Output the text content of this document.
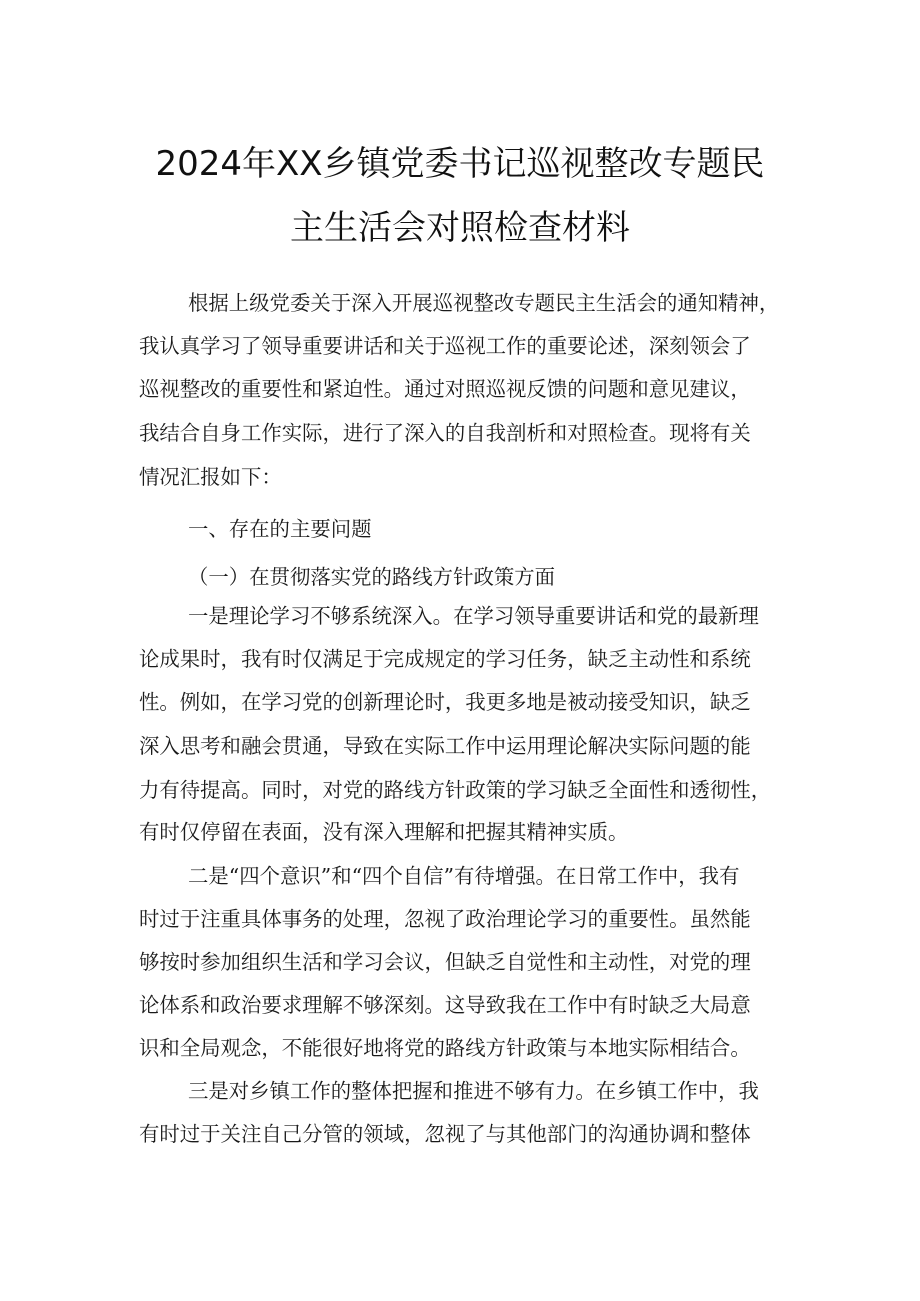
2024年XX乡镇党委书记巡视整改专题民
主生活会对照检查材料
根据上级党委关于深入开展巡视整改专题民主生活会的通知精神，
我认真学习了领导重要讲话和关于巡视工作的重要论述，深刻领会了
巡视整改的重要性和紧迫性。通过对照巡视反馈的问题和意见建议，
我结合自身工作实际，进行了深入的自我剖析和对照检查。现将有关
情况汇报如下：
一、存在的主要问题
（一）在贯彻落实党的路线方针政策方面
一是理论学习不够系统深入。在学习领导重要讲话和党的最新理
论成果时，我有时仅满足于完成规定的学习任务，缺乏主动性和系统
性。例如，在学习党的创新理论时，我更多地是被动接受知识，缺乏
深入思考和融会贯通，导致在实际工作中运用理论解决实际问题的能
力有待提高。同时，对党的路线方针政策的学习缺乏全面性和透彻性，
有时仅停留在表面，没有深入理解和把握其精神实质。
二是“四个意识”和“四个自信”有待增强。在日常工作中，我有
时过于注重具体事务的处理，忽视了政治理论学习的重要性。虽然能
够按时参加组织生活和学习会议，但缺乏自觉性和主动性，对党的理
论体系和政治要求理解不够深刻。这导致我在工作中有时缺乏大局意
识和全局观念，不能很好地将党的路线方针政策与本地实际相结合。
三是对乡镇工作的整体把握和推进不够有力。在乡镇工作中，我
有时过于关注自己分管的领域，忽视了与其他部门的沟通协调和整体
